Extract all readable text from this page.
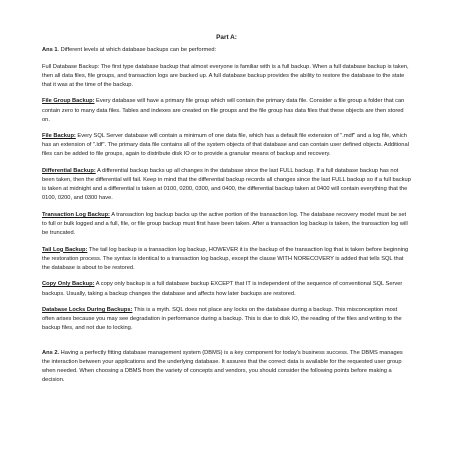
Part A:

Ans 1. Different levels at which database backups can be performed:

Full Database Backup: The first type database backup that almost everyone is familiar with is a full backup. When a full database backup is taken, then all data files, file groups, and transaction logs are backed up. A full database backup provides the ability to restore the database to the state that it was at the time of the backup.

File Group Backup: Every database will have a primary file group which will contain the primary data file. Consider a file group a folder that can contain zero to many data files. Tables and indexes are created on file groups and the file group has data files that these objects are then stored on.

File Backup: Every SQL Server database will contain a minimum of one data file, which has a default file extension of ".mdf" and a log file, which has an extension of ".ldf". The primary data file contains all of the system objects of that database and can contain user defined objects. Additional files can be added to file groups, again to distribute disk IO or to provide a granular means of backup and recovery.

Differential Backup: A differential backup backs up all changes in the database since the last FULL backup. If a full database backup has not been taken, then the differential will fail. Keep in mind that the differential backup records all changes since the last FULL backup so if a full backup is taken at midnight and a differential is taken at 0100, 0200, 0300, and 0400, the differential backup taken at 0400 will contain everything that the 0100, 0200, and 0300 have.

Transaction Log Backup: A transaction log backup backs up the active portion of the transaction log. The database recovery model must be set to full or bulk logged and a full, file, or file group backup must first have been taken. After a transaction log backup is taken, the transaction log will be truncated.

Tail Log Backup: The tail log backup is a transaction log backup, HOWEVER it is the backup of the transaction log that is taken before beginning the restoration process. The syntax is identical to a transaction log backup, except the clause WITH NORECOVERY is added that tells SQL that the database is about to be restored.

Copy Only Backup: A copy only backup is a full database backup EXCEPT that IT is independent of the sequence of conventional SQL Server backups. Usually, taking a backup changes the database and affects how later backups are restored.

Database Locks During Backups: This is a myth. SQL does not place any locks on the database during a backup. This misconception most often arises because you may see degradation in performance during a backup. This is due to disk IO, the reading of the files and writing to the backup files, and not due to locking.

Ans 2. Having a perfectly fitting database management system (DBMS) is a key component for today's business success. The DBMS manages the interaction between your applications and the underlying database. It assures that the correct data is available for the requested user group when needed. When choosing a DBMS from the variety of concepts and vendors, you should consider the following points before making a decision.
